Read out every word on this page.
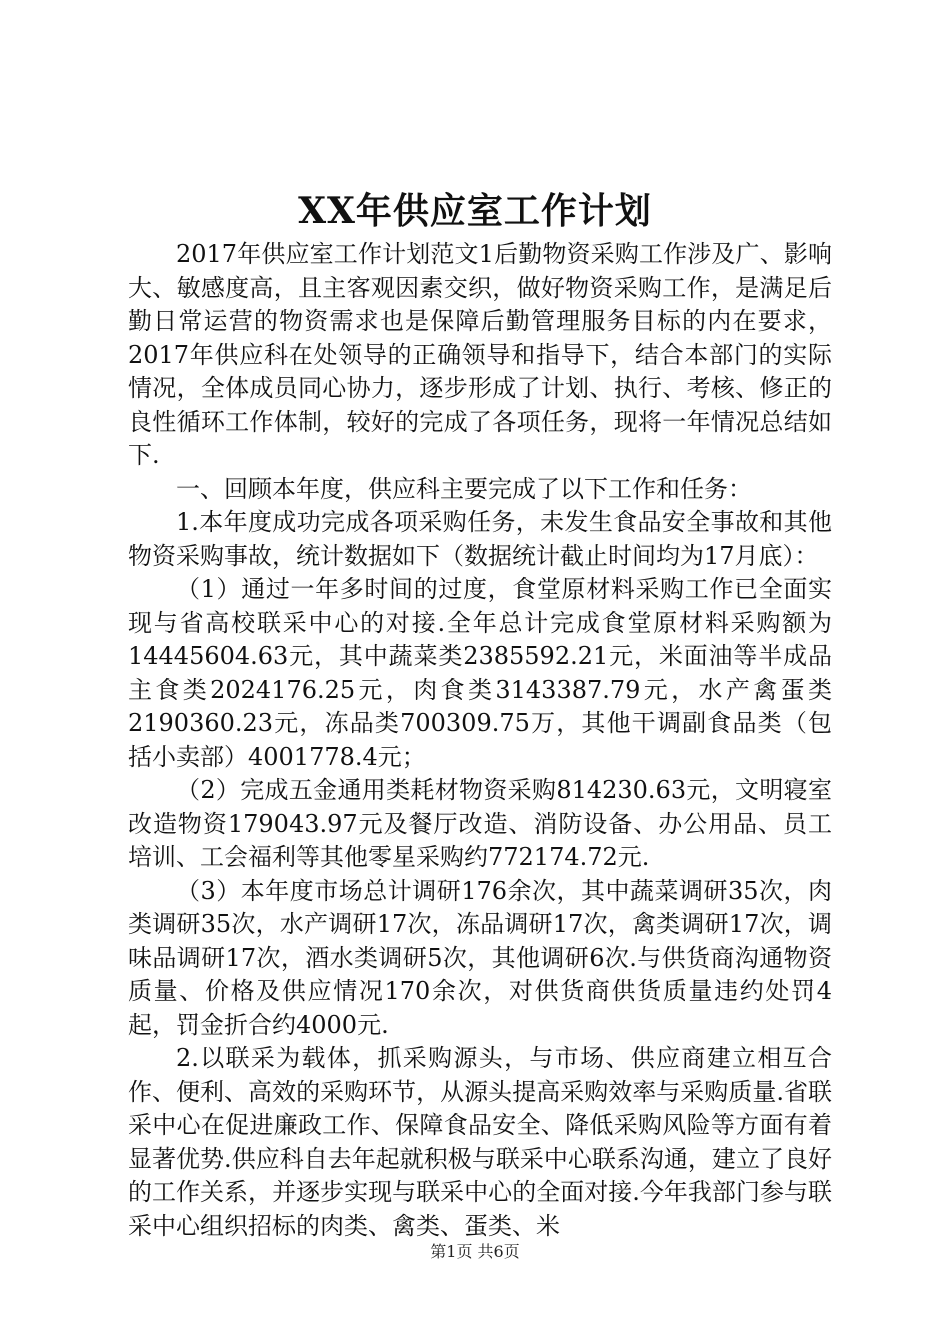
XX年供应室工作计划

2017年供应室工作计划范文1后勤物资采购工作涉及广、影响大、敏感度高，且主客观因素交织，做好物资采购工作，是满足后勤日常运营的物资需求也是保障后勤管理服务目标的内在要求，2017年供应科在处领导的正确领导和指导下，结合本部门的实际情况，全体成员同心协力，逐步形成了计划、执行、考核、修正的良性循环工作体制，较好的完成了各项任务，现将一年情况总结如下.

一、回顾本年度，供应科主要完成了以下工作和任务：

1.本年度成功完成各项采购任务，未发生食品安全事故和其他物资采购事故，统计数据如下（数据统计截止时间均为17月底）：

（1）通过一年多时间的过度，食堂原材料采购工作已全面实现与省高校联采中心的对接.全年总计完成食堂原材料采购额为14445604.63元，其中蔬菜类2385592.21元，米面油等半成品主食类2024176.25元，肉食类3143387.79元，水产禽蛋类2190360.23元，冻品类700309.75万，其他干调副食品类（包括小卖部）4001778.4元；

（2）完成五金通用类耗材物资采购814230.63元，文明寝室改造物资179043.97元及餐厅改造、消防设备、办公用品、员工培训、工会福利等其他零星采购约772174.72元.

（3）本年度市场总计调研176余次，其中蔬菜调研35次，肉类调研35次，水产调研17次，冻品调研17次，禽类调研17次，调味品调研17次，酒水类调研5次，其他调研6次.与供货商沟通物资质量、价格及供应情况170余次，对供货商供货质量违约处罚4起，罚金折合约4000元.

2.以联采为载体，抓采购源头，与市场、供应商建立相互合作、便利、高效的采购环节，从源头提高采购效率与采购质量.省联采中心在促进廉政工作、保障食品安全、降低采购风险等方面有着显著优势.供应科自去年起就积极与联采中心联系沟通，建立了良好的工作关系，并逐步实现与联采中心的全面对接.今年我部门参与联采中心组织招标的肉类、禽类、蛋类、米

第1页 共6页
